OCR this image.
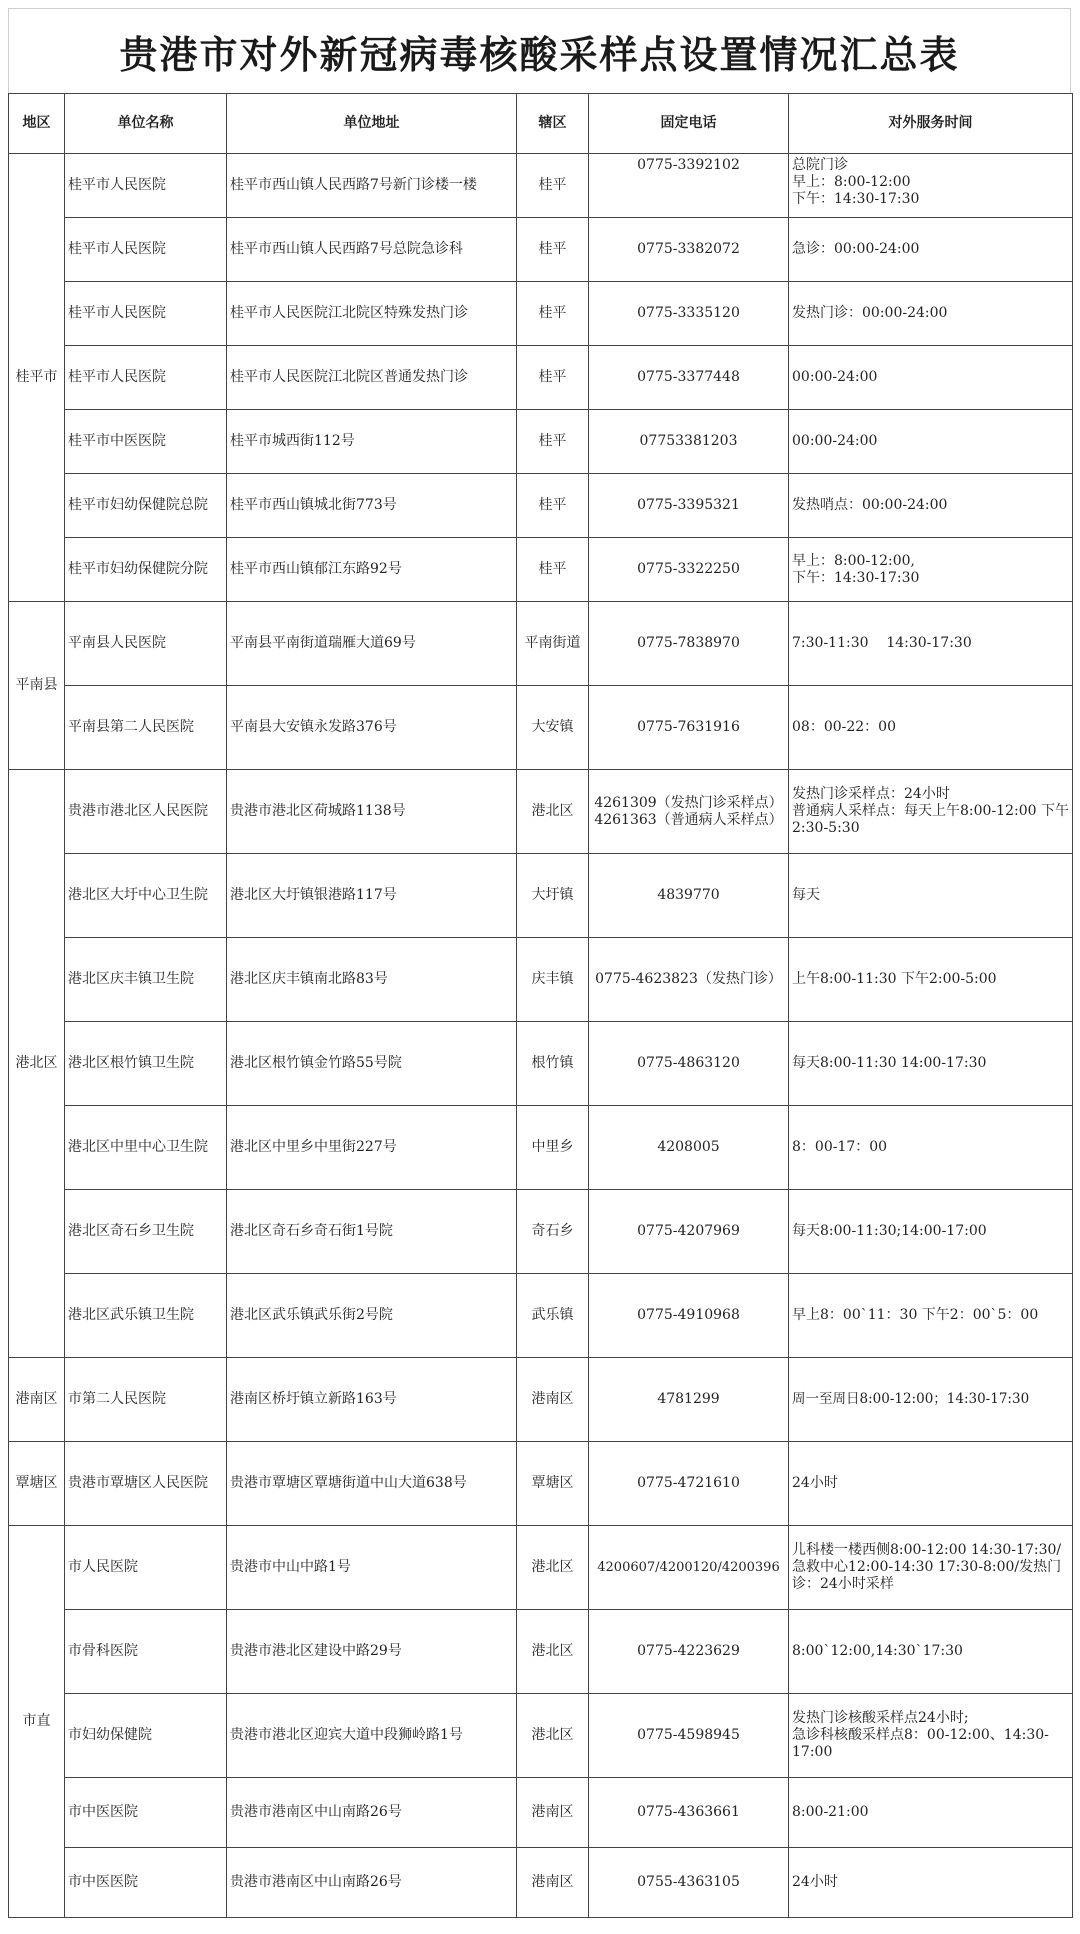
贵港市对外新冠病毒核酸采样点设置情况汇总表
地区	单位名称	单位地址	辖区	固定电话	对外服务时间
桂平市	桂平市人民医院	桂平市西山镇人民西路7号新门诊楼一楼	桂平	0775-3392102	总院门诊
早上：8:00-12:00
下午：14:30-17:30
	桂平市人民医院	桂平市西山镇人民西路7号总院急诊科	桂平	0775-3382072	急诊：00:00-24:00
	桂平市人民医院	桂平市人民医院江北院区特殊发热门诊	桂平	0775-3335120	发热门诊：00:00-24:00
	桂平市人民医院	桂平市人民医院江北院区普通发热门诊	桂平	0775-3377448	00:00-24:00
	桂平市中医医院	桂平市城西街112号	桂平	07753381203	00:00-24:00
	桂平市妇幼保健院总院	桂平市西山镇城北街773号	桂平	0775-3395321	发热哨点：00:00-24:00
	桂平市妇幼保健院分院	桂平市西山镇郁江东路92号	桂平	0775-3322250	早上：8:00-12:00,
下午：14:30-17:30
平南县	平南县人民医院	平南县平南街道瑞雁大道69号	平南街道	0775-7838970	7:30-11:30    14:30-17:30
	平南县第二人民医院	平南县大安镇永发路376号	大安镇	0775-7631916	08：00-22：00
港北区	贵港市港北区人民医院	贵港市港北区荷城路1138号	港北区	4261309（发热门诊采样点）4261363（普通病人采样点）	发热门诊采样点：24小时
普通病人采样点：每天上午8:00-12:00 下午2:30-5:30
	港北区大圩中心卫生院	港北区大圩镇银港路117号	大圩镇	4839770	每天
	港北区庆丰镇卫生院	港北区庆丰镇南北路83号	庆丰镇	0775-4623823（发热门诊）	上午8:00-11:30 下午2:00-5:00
	港北区根竹镇卫生院	港北区根竹镇金竹路55号院	根竹镇	0775-4863120	每天8:00-11:30 14:00-17:30
	港北区中里中心卫生院	港北区中里乡中里街227号	中里乡	4208005	8：00-17：00
	港北区奇石乡卫生院	港北区奇石乡奇石街1号院	奇石乡	0775-4207969	每天8:00-11:30;14:00-17:00
	港北区武乐镇卫生院	港北区武乐镇武乐街2号院	武乐镇	0775-4910968	早上8：00`11：30 下午2：00`5：00
港南区	市第二人民医院	港南区桥圩镇立新路163号	港南区	4781299	周一至周日8:00-12:00；14:30-17:30
覃塘区	贵港市覃塘区人民医院	贵港市覃塘区覃塘街道中山大道638号	覃塘区	0775-4721610	24小时
市直	市人民医院	贵港市中山中路1号	港北区	4200607/4200120/4200396	儿科楼一楼西侧8:00-12:00 14:30-17:30/急救中心12:00-14:30 17:30-8:00/发热门诊：24小时采样
	市骨科医院	贵港市港北区建设中路29号	港北区	0775-4223629	8:00`12:00,14:30`17:30
	市妇幼保健院	贵港市港北区迎宾大道中段狮岭路1号	港北区	0775-4598945	发热门诊核酸采样点24小时;
急诊科核酸采样点8：00-12:00、14:30-17:00
	市中医医院	贵港市港南区中山南路26号	港南区	0775-4363661	8:00-21:00
	市中医医院	贵港市港南区中山南路26号	港南区	0755-4363105	24小时
